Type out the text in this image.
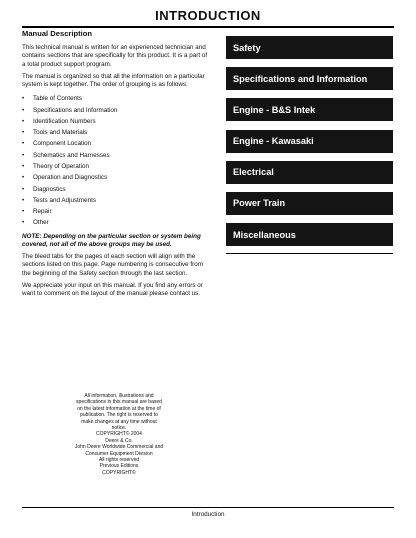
INTRODUCTION
Manual Description

This technical manual is written for an experienced technician and contains sections that are specifically for this product. It is a part of a total product support program.

The manual is organized so that all the information on a particular system is kept together. The order of grouping is as follows:

• Table of Contents
• Specifications and Information
• Identification Numbers
• Tools and Materials
• Component Location
• Schematics and Harnesses
• Theory of Operation
• Operation and Diagnostics
• Diagnostics
• Tests and Adjustments
• Repair
• Other

NOTE: Depending on the particular section or system being covered, not all of the above groups may be used.

The bleed tabs for the pages of each section will align with the sections listed on this page. Page numbering is consecutive from the beginning of the Safety section through the last section.

We appreciate your input on this manual. If you find any errors or want to comment on the layout of the manual please contact us.

Safety
Specifications and Information
Engine - B&S Intek
Engine - Kawasaki
Electrical
Power Train
Miscellaneous
All information, illustrations and
specifications in this manual are based
on the latest information at the time of
publication. The right is reserved to
make changes at any time without
notice.
COPYRIGHT© 2004
Deere & Co.
John Deere Worldwide Commercial and
Consumer Equipment Division
All rights reserved
Previous Editions
COPYRIGHT©
Introduction
